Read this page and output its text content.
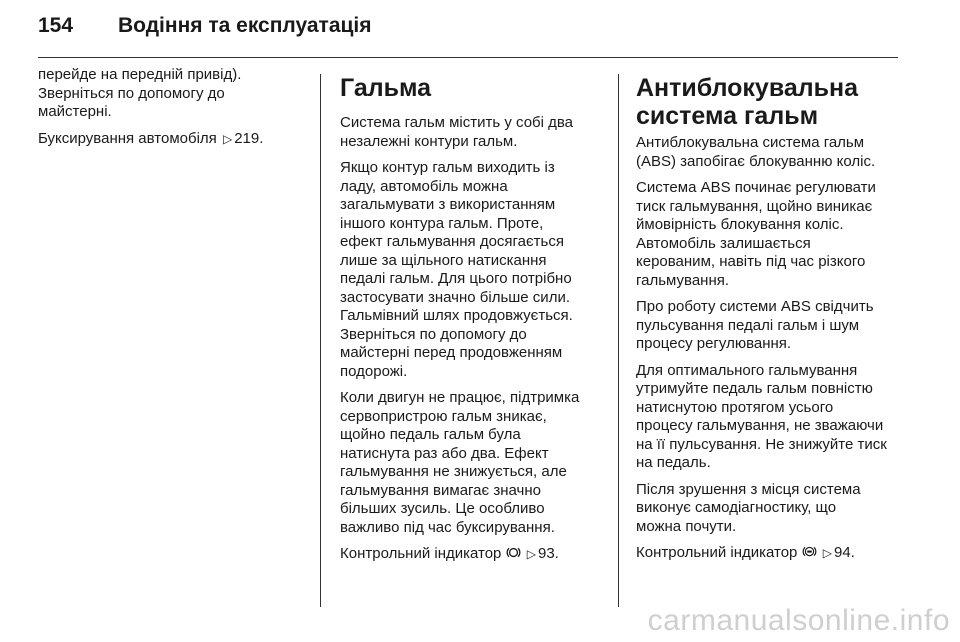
154	Водіння та експлуатація

перейде на передній привід).
Зверніться по допомогу до
майстерні.

Буксирування автомобіля ▷ 219.

Гальма

Система гальм містить у собі два
незалежні контури гальм.

Якщо контур гальм виходить із
ладу, автомобіль можна
загальмувати з використанням
іншого контура гальм. Проте,
ефект гальмування досягається
лише за щільного натискання
педалі гальм. Для цього потрібно
застосувати значно більше сили.
Гальмівний шлях продовжується.
Зверніться по допомогу до
майстерні перед продовженням
подорожі.

Коли двигун не працює, підтримка
сервопристрою гальм зникає,
щойно педаль гальм була
натиснута раз або два. Ефект
гальмування не знижується, але
гальмування вимагає значно
більших зусиль. Це особливо
важливо під час буксирування.

Контрольний індикатор ▷ 93.

Антиблокувальна
система гальм

Антиблокувальна система гальм
(ABS) запобігає блокуванню коліс.

Система ABS починає регулювати
тиск гальмування, щойно виникає
ймовірність блокування коліс.
Автомобіль залишається
керованим, навіть під час різкого
гальмування.

Про роботу системи ABS свідчить
пульсування педалі гальм і шум
процесу регулювання.

Для оптимального гальмування
утримуйте педаль гальм повністю
натиснутою протягом усього
процесу гальмування, не зважаючи
на її пульсування. Не знижуйте тиск
на педаль.

Після зрушення з місця система
виконує самодіагностику, що
можна почути.

Контрольний індикатор ▷ 94.

carmanualsonline.info
